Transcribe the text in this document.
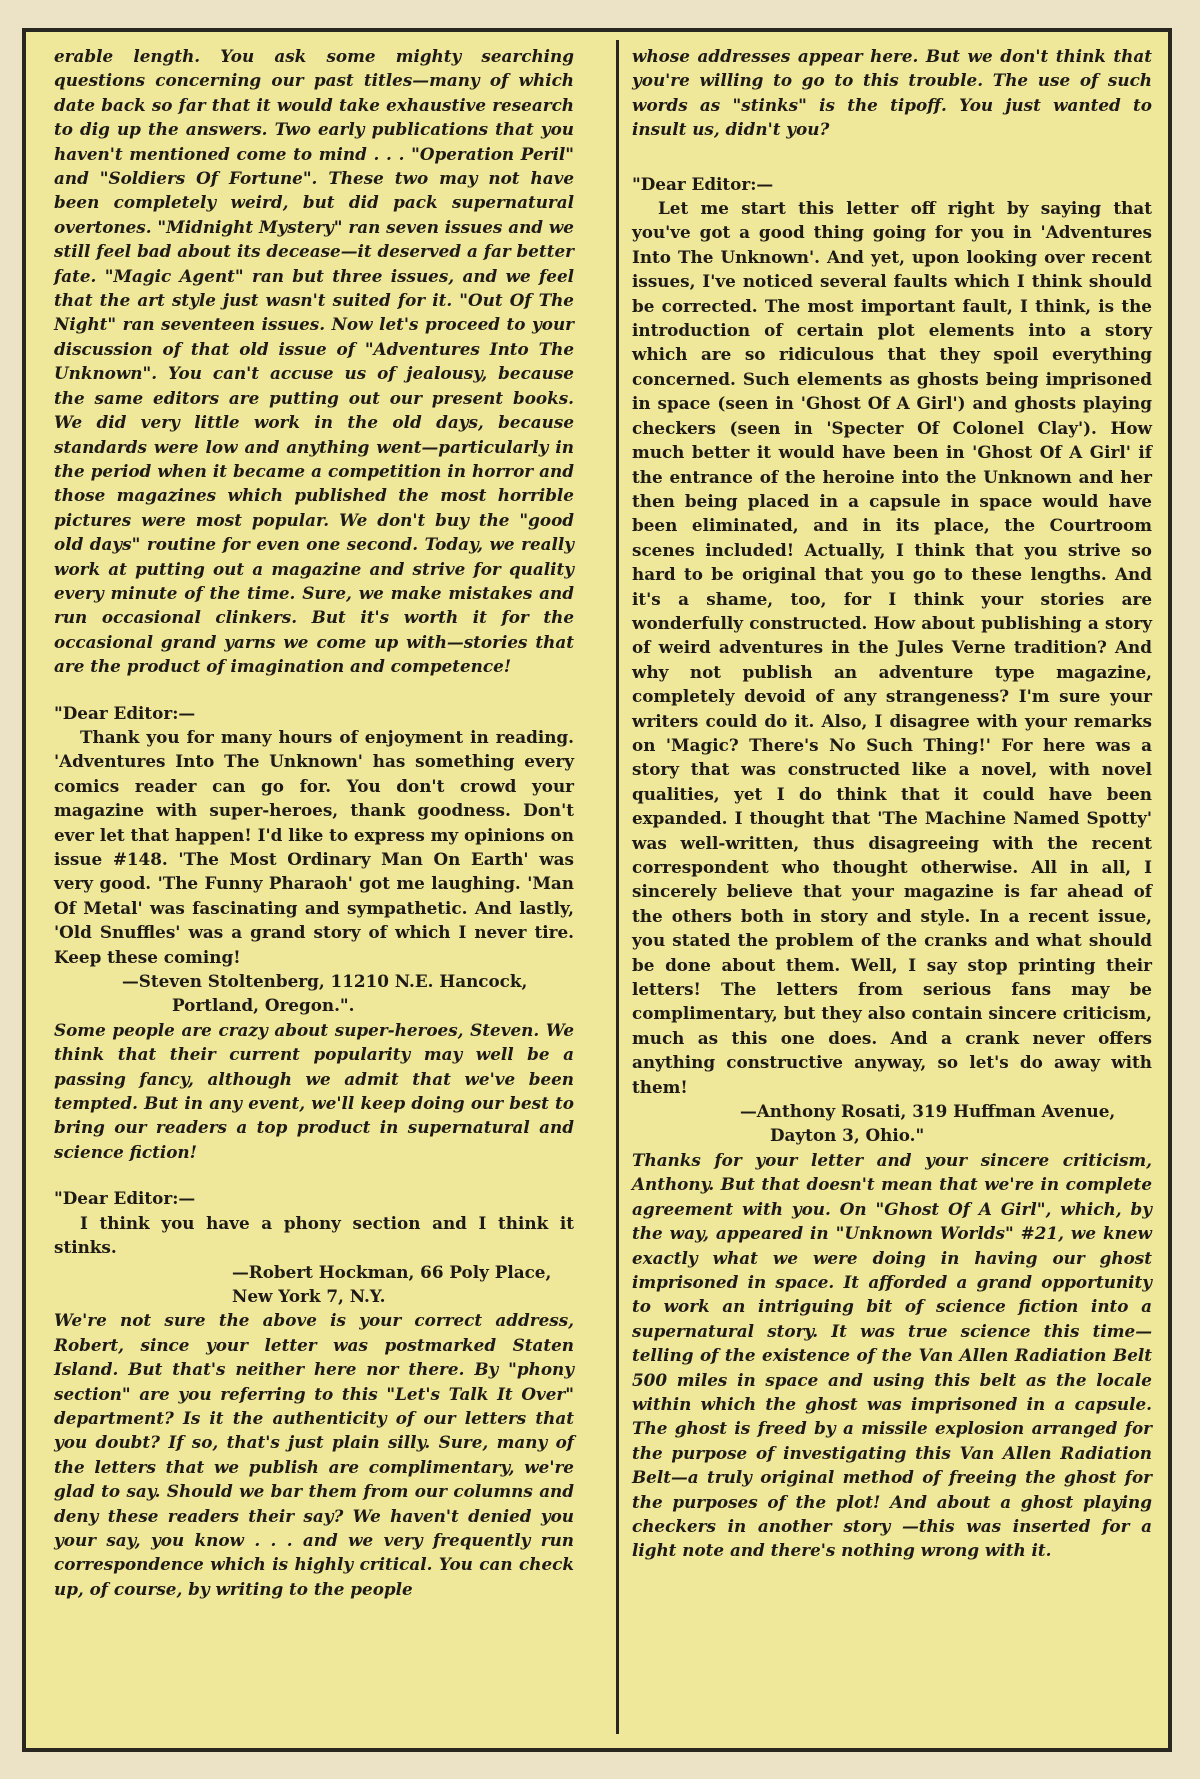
erable length. You ask some mighty searching questions concerning our past titles—many of which date back so far that it would take exhaustive research to dig up the answers. Two early publications that you haven't mentioned come to mind . . . "Operation Peril" and "Soldiers Of Fortune". These two may not have been completely weird, but did pack supernatural overtones. "Midnight Mystery" ran seven issues and we still feel bad about its decease—it deserved a far better fate. "Magic Agent" ran but three issues, and we feel that the art style just wasn't suited for it. "Out Of The Night" ran seventeen issues. Now let's proceed to your discussion of that old issue of "Adventures Into The Unknown". You can't accuse us of jealousy, because the same editors are putting out our present books. We did very little work in the old days, because standards were low and anything went—particularly in the period when it became a competition in horror and those magazines which published the most horrible pictures were most popular. We don't buy the "good old days" routine for even one second. Today, we really work at putting out a magazine and strive for quality every minute of the time. Sure, we make mistakes and run occasional clinkers. But it's worth it for the occasional grand yarns we come up with—stories that are the product of imagination and competence!

"Dear Editor:—

Thank you for many hours of enjoyment in reading. 'Adventures Into The Unknown' has something every comics reader can go for. You don't crowd your magazine with super-heroes, thank goodness. Don't ever let that happen! I'd like to express my opinions on issue #148. 'The Most Ordinary Man On Earth' was very good. 'The Funny Pharaoh' got me laughing. 'Man Of Metal' was fascinating and sympathetic. And lastly, 'Old Snuffles' was a grand story of which I never tire. Keep these coming!

—Steven Stoltenberg, 11210 N.E. Hancock,
Portland, Oregon.".

Some people are crazy about super-heroes, Steven. We think that their current popularity may well be a passing fancy, although we admit that we've been tempted. But in any event, we'll keep doing our best to bring our readers a top product in supernatural and science fiction!

"Dear Editor:—

I think you have a phony section and I think it stinks.

—Robert Hockman, 66 Poly Place,
New York 7, N.Y.

We're not sure the above is your correct address, Robert, since your letter was postmarked Staten Island. But that's neither here nor there. By "phony section" are you referring to this "Let's Talk It Over" department? Is it the authenticity of our letters that you doubt? If so, that's just plain silly. Sure, many of the letters that we publish are complimentary, we're glad to say. Should we bar them from our columns and deny these readers their say? We haven't denied you your say, you know . . . and we very frequently run correspondence which is highly critical. You can check up, of course, by writing to the people

whose addresses appear here. But we don't think that you're willing to go to this trouble. The use of such words as "stinks" is the tipoff. You just wanted to insult us, didn't you?

"Dear Editor:—

Let me start this letter off right by saying that you've got a good thing going for you in 'Adventures Into The Unknown'. And yet, upon looking over recent issues, I've noticed several faults which I think should be corrected. The most important fault, I think, is the introduction of certain plot elements into a story which are so ridiculous that they spoil everything concerned. Such elements as ghosts being imprisoned in space (seen in 'Ghost Of A Girl') and ghosts playing checkers (seen in 'Specter Of Colonel Clay'). How much better it would have been in 'Ghost Of A Girl' if the entrance of the heroine into the Unknown and her then being placed in a capsule in space would have been eliminated, and in its place, the Courtroom scenes included! Actually, I think that you strive so hard to be original that you go to these lengths. And it's a shame, too, for I think your stories are wonderfully constructed. How about publishing a story of weird adventures in the Jules Verne tradition? And why not publish an adventure type magazine, completely devoid of any strangeness? I'm sure your writers could do it. Also, I disagree with your remarks on 'Magic? There's No Such Thing!' For here was a story that was constructed like a novel, with novel qualities, yet I do think that it could have been expanded. I thought that 'The Machine Named Spotty' was well-written, thus disagreeing with the recent correspondent who thought otherwise. All in all, I sincerely believe that your magazine is far ahead of the others both in story and style. In a recent issue, you stated the problem of the cranks and what should be done about them. Well, I say stop printing their letters! The letters from serious fans may be complimentary, but they also contain sincere criticism, much as this one does. And a crank never offers anything constructive anyway, so let's do away with them!

—Anthony Rosati, 319 Huffman Avenue,
Dayton 3, Ohio."

Thanks for your letter and your sincere criticism, Anthony. But that doesn't mean that we're in complete agreement with you. On "Ghost Of A Girl", which, by the way, appeared in "Unknown Worlds" #21, we knew exactly what we were doing in having our ghost imprisoned in space. It afforded a grand opportunity to work an intriguing bit of science fiction into a supernatural story. It was true science this time—telling of the existence of the Van Allen Radiation Belt 500 miles in space and using this belt as the locale within which the ghost was imprisoned in a capsule. The ghost is freed by a missile explosion arranged for the purpose of investigating this Van Allen Radiation Belt—a truly original method of freeing the ghost for the purposes of the plot! And about a ghost playing checkers in another story —this was inserted for a light note and there's nothing wrong with it.
